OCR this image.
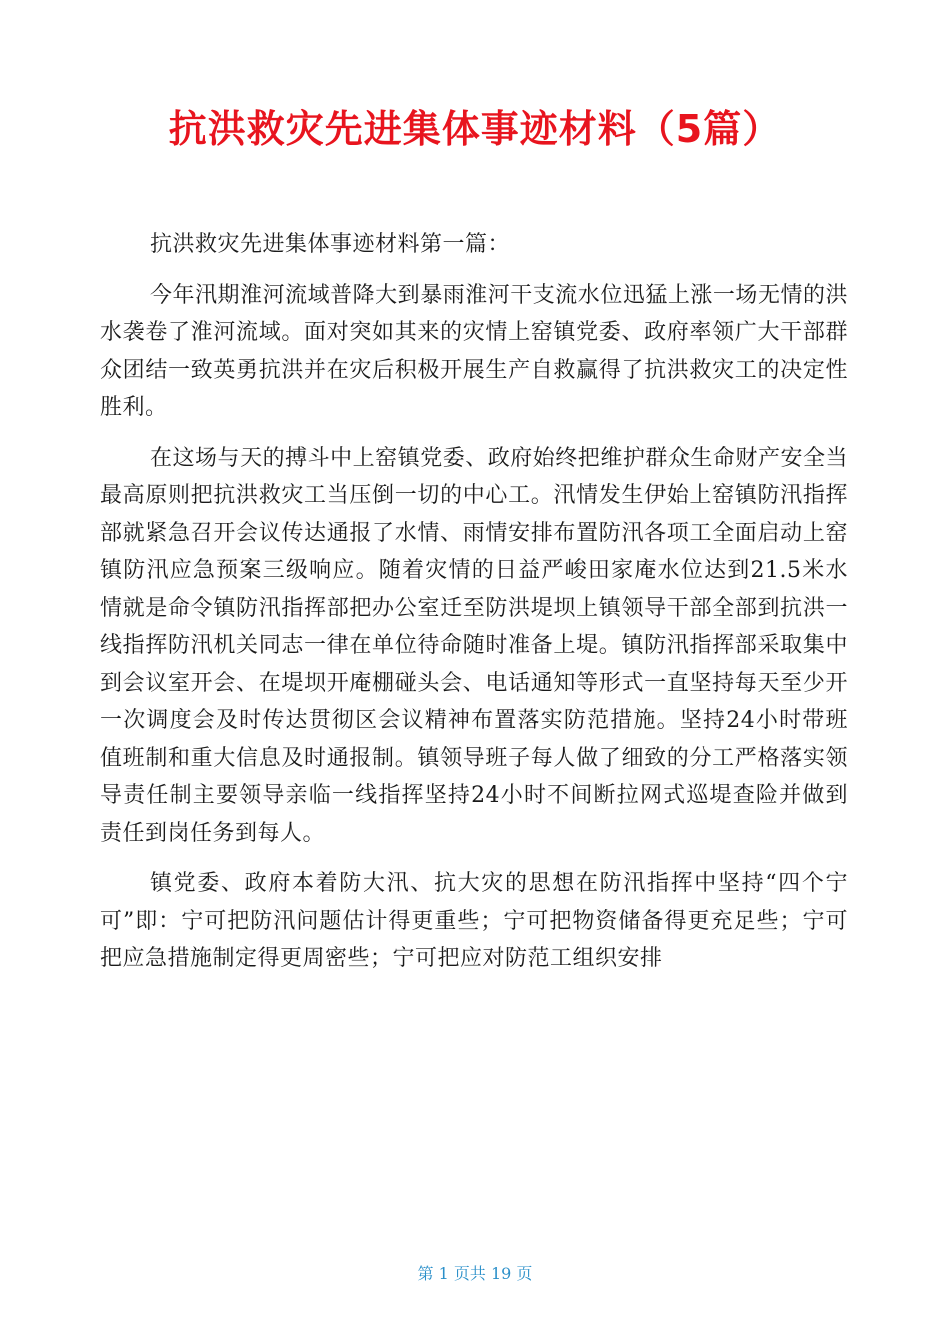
抗洪救灾先进集体事迹材料（5篇）

抗洪救灾先进集体事迹材料第一篇：

今年汛期淮河流域普降大到暴雨淮河干支流水位迅猛上涨一场无情的洪水袭卷了淮河流域。面对突如其来的灾情上窑镇党委、政府率领广大干部群众团结一致英勇抗洪并在灾后积极开展生产自救赢得了抗洪救灾工的决定性胜利。

在这场与天的搏斗中上窑镇党委、政府始终把维护群众生命财产安全当最高原则把抗洪救灾工当压倒一切的中心工。汛情发生伊始上窑镇防汛指挥部就紧急召开会议传达通报了水情、雨情安排布置防汛各项工全面启动上窑镇防汛应急预案三级响应。随着灾情的日益严峻田家庵水位达到21.5米水情就是命令镇防汛指挥部把办公室迁至防洪堤坝上镇领导干部全部到抗洪一线指挥防汛机关同志一律在单位待命随时准备上堤。镇防汛指挥部采取集中到会议室开会、在堤坝开庵棚碰头会、电话通知等形式一直坚持每天至少开一次调度会及时传达贯彻区会议精神布置落实防范措施。坚持24小时带班值班制和重大信息及时通报制。镇领导班子每人做了细致的分工严格落实领导责任制主要领导亲临一线指挥坚持24小时不间断拉网式巡堤查险并做到责任到岗任务到每人。

镇党委、政府本着防大汛、抗大灾的思想在防汛指挥中坚持“四个宁可”即：宁可把防汛问题估计得更重些；宁可把物资储备得更充足些；宁可把应急措施制定得更周密些；宁可把应对防范工组织安排

第 1 页共 19 页
